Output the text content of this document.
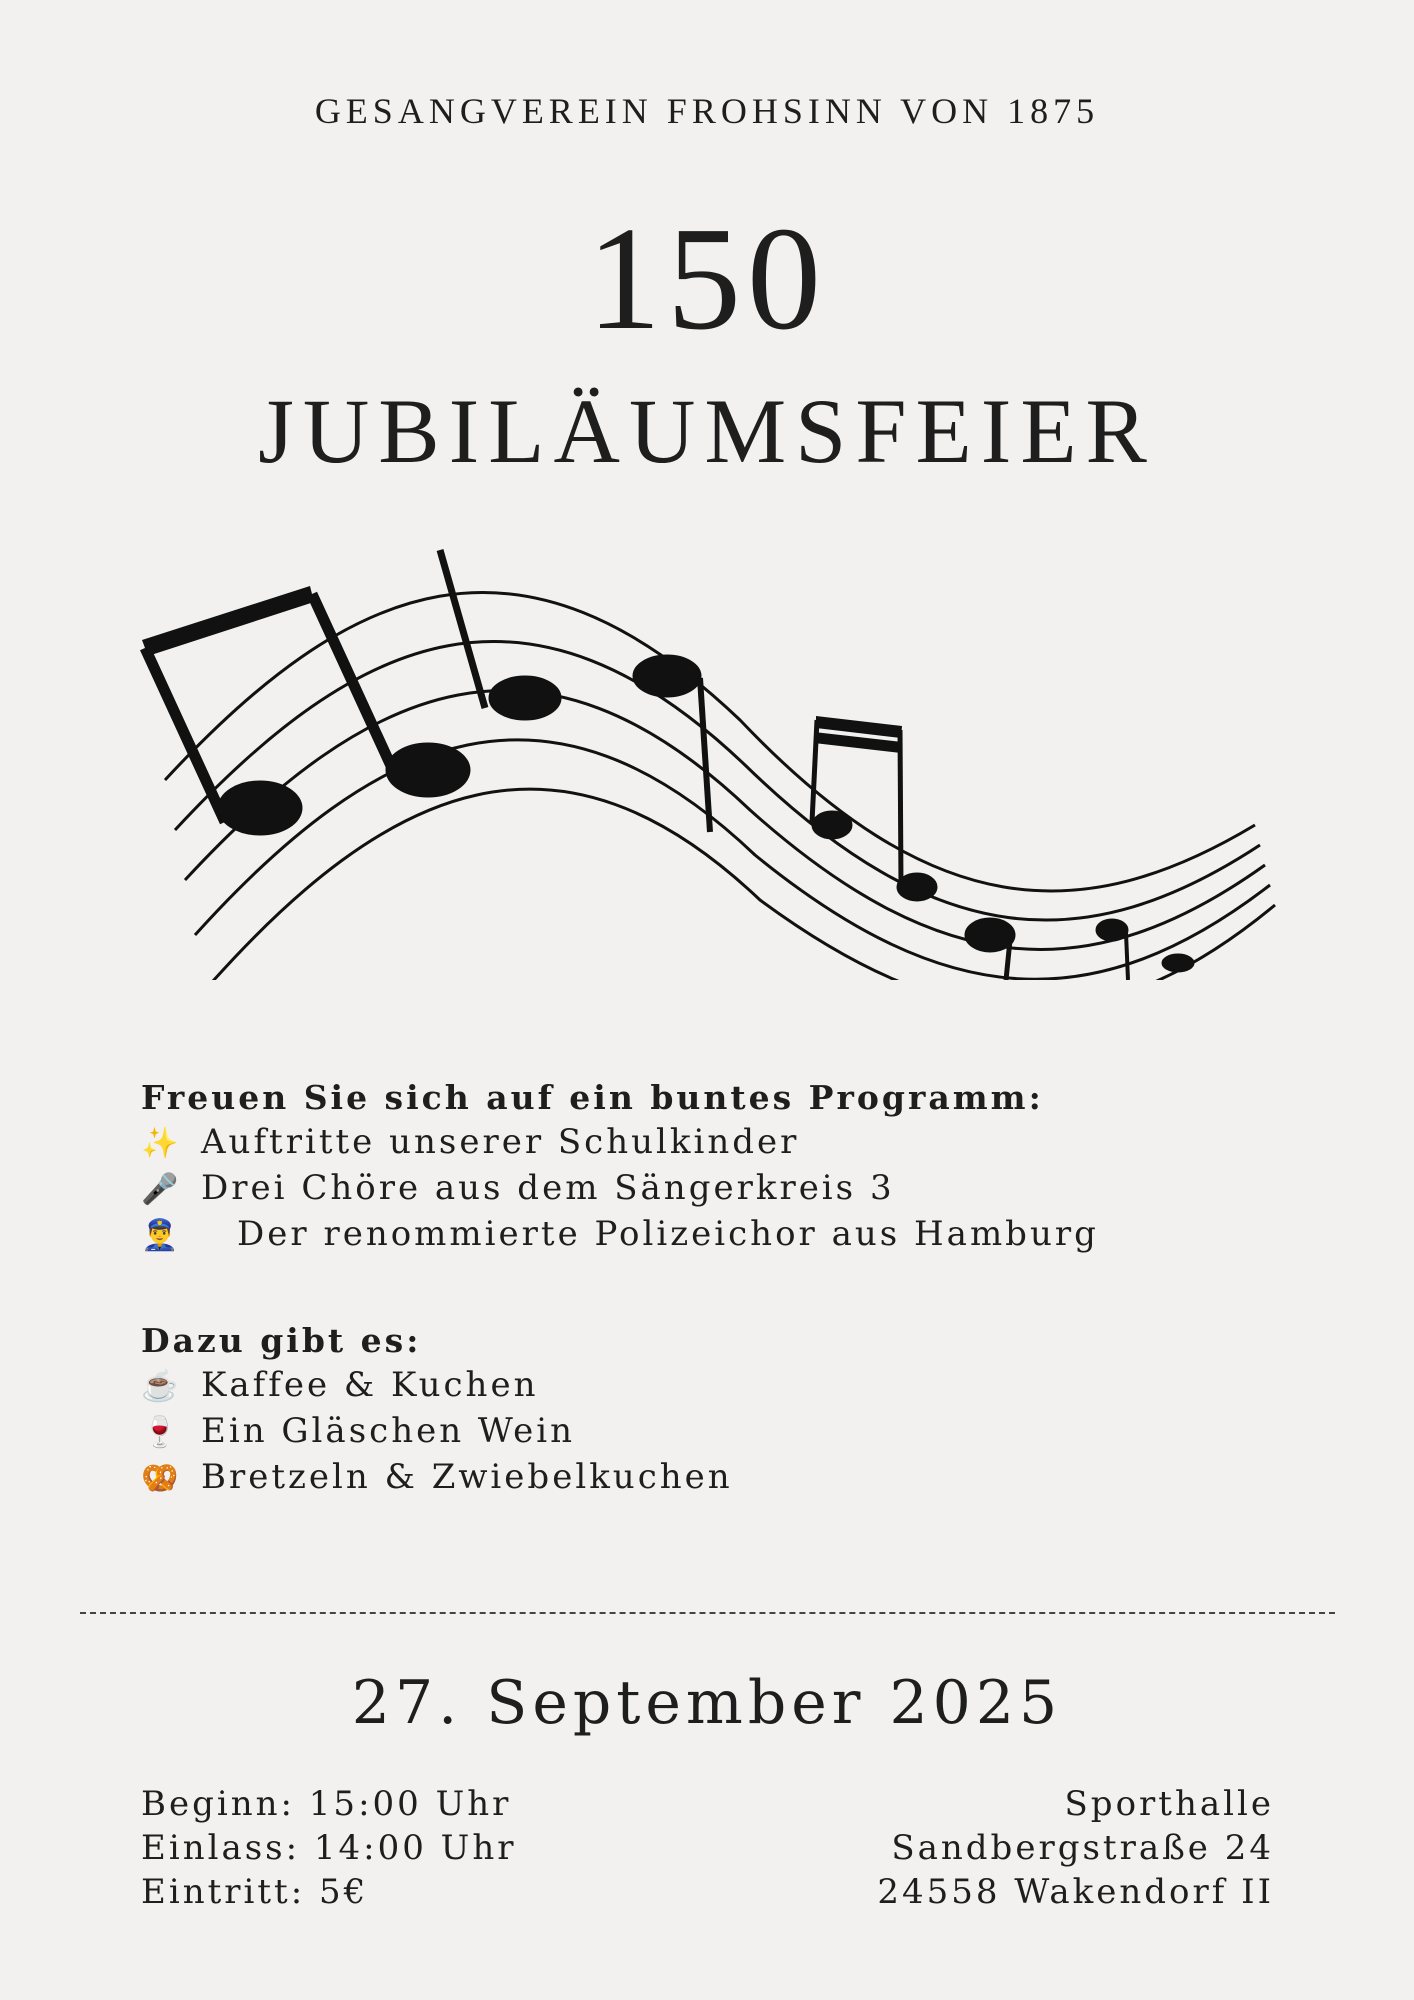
GESANGVEREIN FROHSINN VON 1875
150
JUBILÄUMSFEIER
Freuen Sie sich auf ein buntes Programm:
✨ Auftritte unserer Schulkinder
🎤 Drei Chöre aus dem Sängerkreis 3
👮‍♂️ Der renommierte Polizeichor aus Hamburg
Dazu gibt es:
☕ Kaffee & Kuchen
🍷 Ein Gläschen Wein
🥨 Bretzeln & Zwiebelkuchen
27. September 2025
Beginn: 15:00 Uhr
Einlass: 14:00 Uhr
Eintritt: 5€
Sporthalle
Sandbergstraße 24
24558 Wakendorf II
